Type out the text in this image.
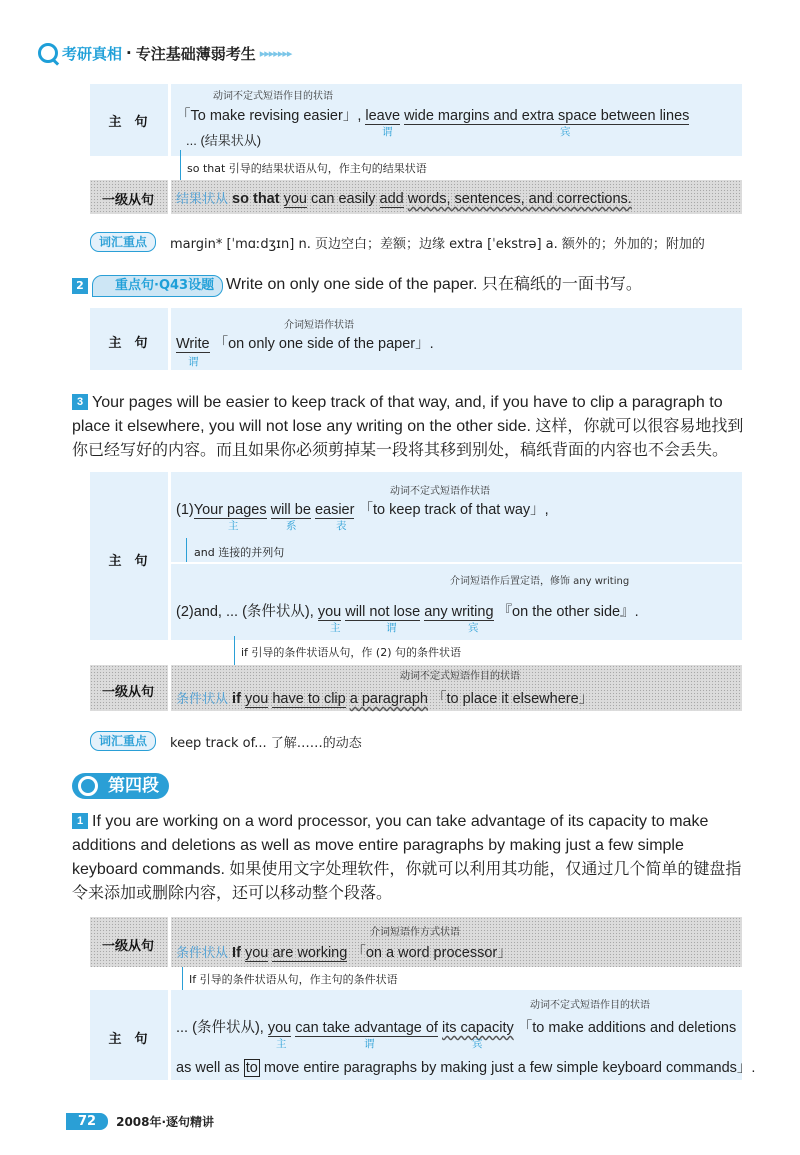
考研真相 · 专注基础薄弱考生 ▸▸▸▸▸▸▸
主　句
动词不定式短语作目的状语
「To make revising easier」, leave wide margins and extra space between lines
谓	宾
... (结果状从)
so that 引导的结果状语从句，作主句的结果状语
一级从句	结果状从 so that you can easily add words, sentences, and corrections.
词汇重点	margin* [ˈmɑːdʒɪn] n. 页边空白；差额；边缘 extra [ˈekstrə] a. 额外的；外加的；附加的
2	重点句·Q43设题 Write on only one side of the paper. 只在稿纸的一面书写。
主　句
介词短语作状语
Write 「on only one side of the paper」.
谓
3 Your pages will be easier to keep track of that way, and, if you have to clip a paragraph to place it elsewhere, you will not lose any writing on the other side. 这样，你就可以很容易地找到你已经写好的内容。而且如果你必须剪掉某一段将其移到别处，稿纸背面的内容也不会丢失。
主　句
动词不定式短语作状语
(1)Your pages will be easier 「to keep track of that way」,
主	系	表
and 连接的并列句
介词短语作后置定语，修饰 any writing
(2)and, ... (条件状从), you will not lose any writing 『on the other side』.
主	谓	宾
if 引导的条件状语从句，作 (2) 句的条件状语
一级从句
动词不定式短语作目的状语
条件状从 if you have to clip a paragraph 「to place it elsewhere」
词汇重点	keep track of... 了解……的动态
第四段
1 If you are working on a word processor, you can take advantage of its capacity to make additions and deletions as well as move entire paragraphs by making just a few simple keyboard commands. 如果使用文字处理软件，你就可以利用其功能，仅通过几个简单的键盘指令来添加或删除内容，还可以移动整个段落。
一级从句
介词短语作方式状语
条件状从 If you are working 「on a word processor」
If 引导的条件状语从句，作主句的条件状语
主　句
动词不定式短语作目的状语
... (条件状从), you can take advantage of its capacity 「to make additions and deletions
主	谓	宾
as well as to move entire paragraphs by making just a few simple keyboard commands」.
72	2008年·逐句精讲
